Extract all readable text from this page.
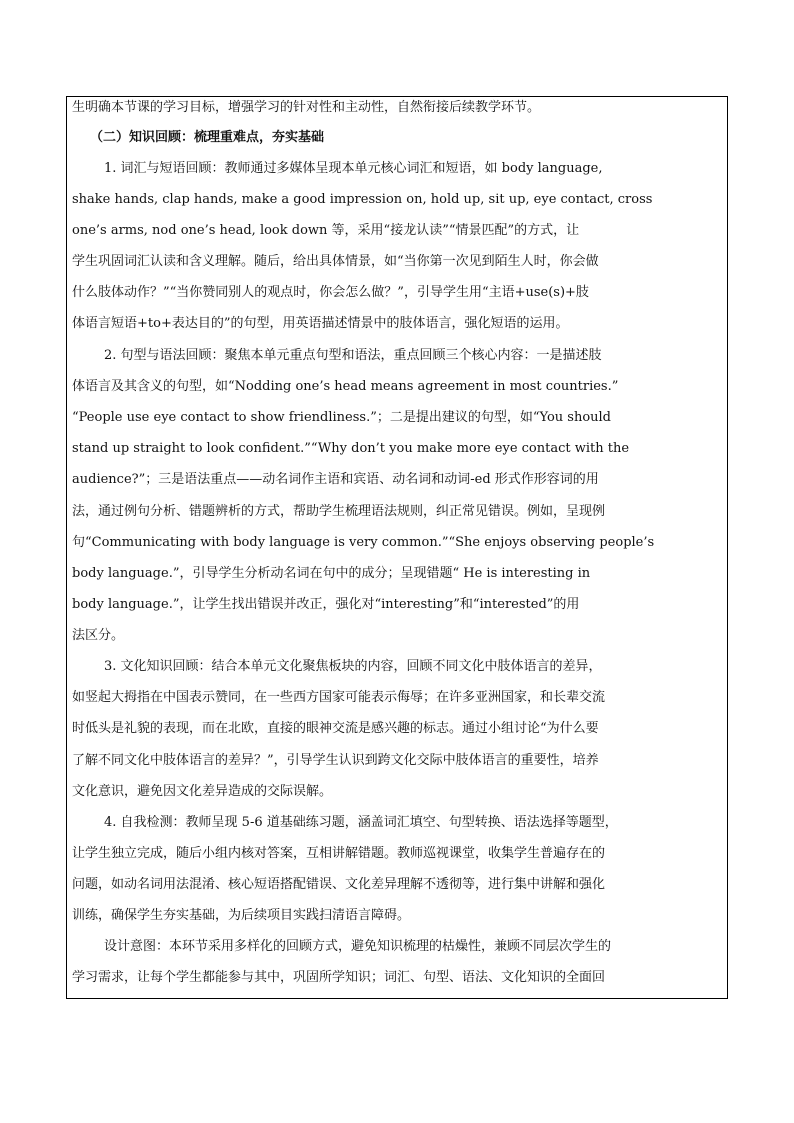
生明确本节课的学习目标，增强学习的针对性和主动性，自然衔接后续教学环节。
（二）知识回顾：梳理重难点，夯实基础
1. 词汇与短语回顾：教师通过多媒体呈现本单元核心词汇和短语，如 body language,
shake hands, clap hands, make a good impression on, hold up, sit up, eye contact, cross
one’s arms, nod one’s head, look down 等，采用“接龙认读”“情景匹配”的方式，让
学生巩固词汇认读和含义理解。随后，给出具体情景，如“当你第一次见到陌生人时，你会做
什么肢体动作？”“当你赞同别人的观点时，你会怎么做？”，引导学生用“主语+use(s)+肢
体语言短语+to+表达目的”的句型，用英语描述情景中的肢体语言，强化短语的运用。
2. 句型与语法回顾：聚焦本单元重点句型和语法，重点回顾三个核心内容：一是描述肢
体语言及其含义的句型，如“Nodding one’s head means agreement in most countries.”
“People use eye contact to show friendliness.”；二是提出建议的句型，如“You should
stand up straight to look confident.”“Why don’t you make more eye contact with the
audience?”；三是语法重点——动名词作主语和宾语、动名词和动词-ed 形式作形容词的用
法，通过例句分析、错题辨析的方式，帮助学生梳理语法规则，纠正常见错误。例如，呈现例
句“Communicating with body language is very common.”“She enjoys observing people’s
body language.”，引导学生分析动名词在句中的成分；呈现错题“ He is interesting in
body language.”，让学生找出错误并改正，强化对“interesting”和“interested”的用
法区分。
3. 文化知识回顾：结合本单元文化聚焦板块的内容，回顾不同文化中肢体语言的差异，
如竖起大拇指在中国表示赞同，在一些西方国家可能表示侮辱；在许多亚洲国家，和长辈交流
时低头是礼貌的表现，而在北欧，直接的眼神交流是感兴趣的标志。通过小组讨论“为什么要
了解不同文化中肢体语言的差异？”，引导学生认识到跨文化交际中肢体语言的重要性，培养
文化意识，避免因文化差异造成的交际误解。
4. 自我检测：教师呈现 5-6 道基础练习题，涵盖词汇填空、句型转换、语法选择等题型，
让学生独立完成，随后小组内核对答案，互相讲解错题。教师巡视课堂，收集学生普遍存在的
问题，如动名词用法混淆、核心短语搭配错误、文化差异理解不透彻等，进行集中讲解和强化
训练，确保学生夯实基础，为后续项目实践扫清语言障碍。
设计意图：本环节采用多样化的回顾方式，避免知识梳理的枯燥性，兼顾不同层次学生的
学习需求，让每个学生都能参与其中，巩固所学知识；词汇、句型、语法、文化知识的全面回
